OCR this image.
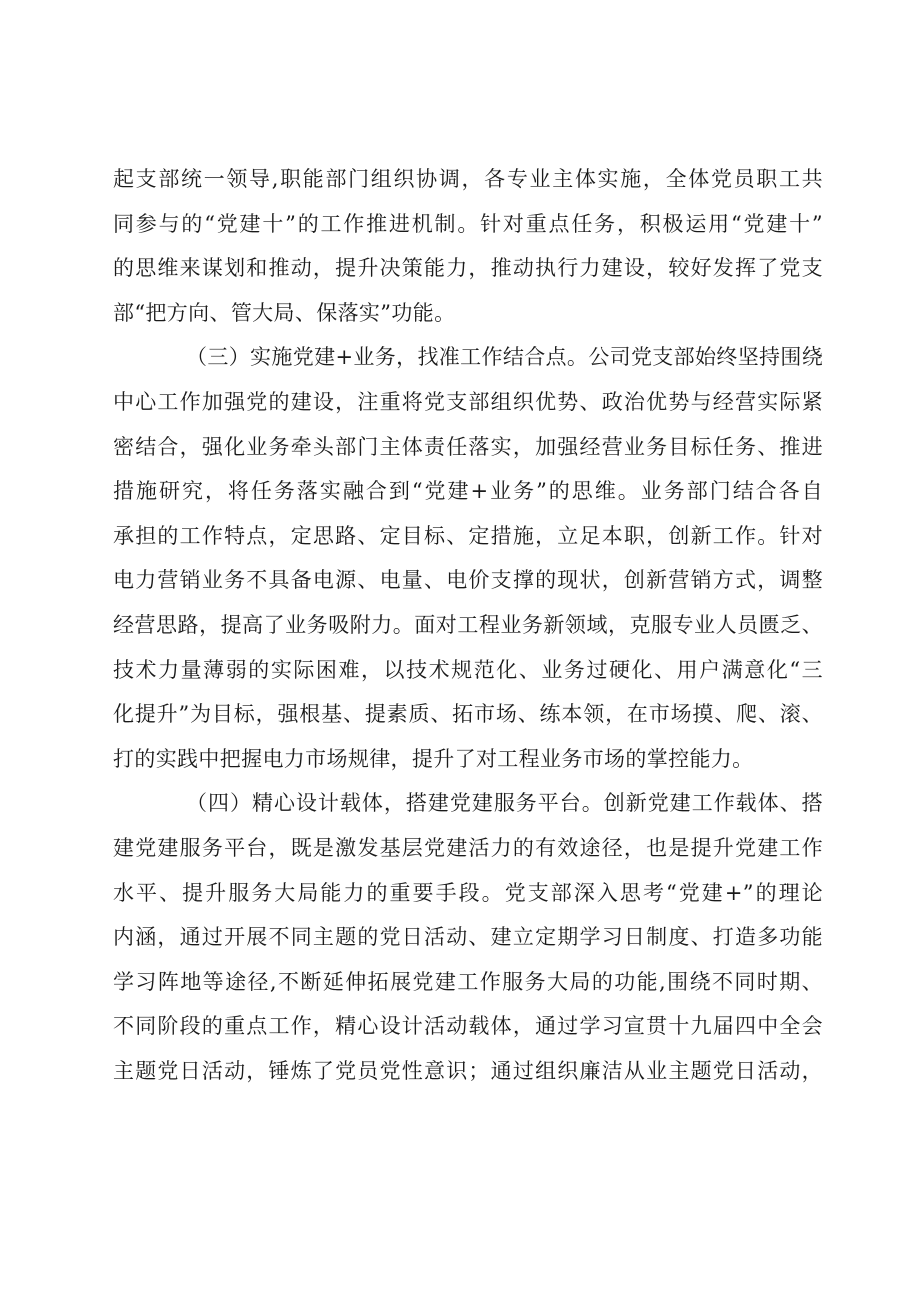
起支部统一领导,职能部门组织协调，各专业主体实施，全体党员职工共
同参与的“党建十”的工作推进机制。针对重点任务，积极运用“党建十”
的思维来谋划和推动，提升决策能力，推动执行力建设，较好发挥了党支
部“把方向、管大局、保落实”功能。
（三）实施党建+业务，找准工作结合点。公司党支部始终坚持围绕
中心工作加强党的建设，注重将党支部组织优势、政治优势与经营实际紧
密结合，强化业务牵头部门主体责任落实，加强经营业务目标任务、推进
措施研究，将任务落实融合到“党建+业务”的思维。业务部门结合各自
承担的工作特点，定思路、定目标、定措施，立足本职，创新工作。针对
电力营销业务不具备电源、电量、电价支撑的现状，创新营销方式，调整
经营思路，提高了业务吸附力。面对工程业务新领域，克服专业人员匮乏、
技术力量薄弱的实际困难，以技术规范化、业务过硬化、用户满意化“三
化提升”为目标，强根基、提素质、拓市场、练本领，在市场摸、爬、滚、
打的实践中把握电力市场规律，提升了对工程业务市场的掌控能力。
（四）精心设计载体，搭建党建服务平台。创新党建工作载体、搭
建党建服务平台，既是激发基层党建活力的有效途径，也是提升党建工作
水平、提升服务大局能力的重要手段。党支部深入思考“党建+”的理论
内涵，通过开展不同主题的党日活动、建立定期学习日制度、打造多功能
学习阵地等途径,不断延伸拓展党建工作服务大局的功能,围绕不同时期、
不同阶段的重点工作，精心设计活动载体，通过学习宣贯十九届四中全会
主题党日活动，锤炼了党员党性意识；通过组织廉洁从业主题党日活动，
